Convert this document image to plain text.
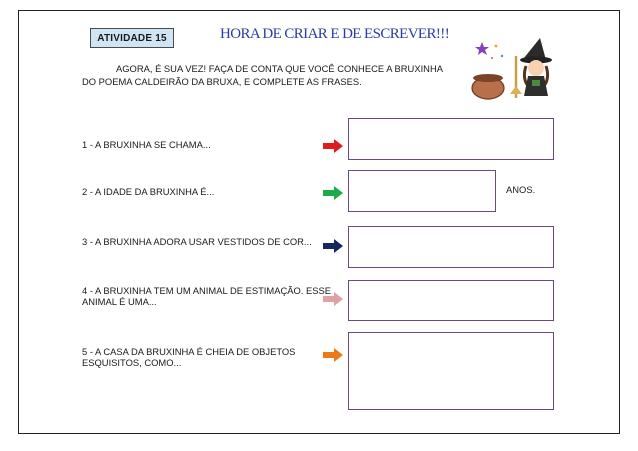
ATIVIDADE 15	HORA DE CRIAR E DE ESCREVER!!!
AGORA, É SUA VEZ! FAÇA DE CONTA QUE VOCÊ CONHECE A BRUXINHA
DO POEMA CALDEIRÃO DA BRUXA, E COMPLETE AS FRASES.
1 - A BRUXINHA SE CHAMA...
2 - A IDADE DA BRUXINHA É...	ANOS.
3 - A BRUXINHA ADORA USAR VESTIDOS DE COR...
4 - A BRUXINHA TEM UM ANIMAL DE ESTIMAÇÃO. ESSE ANIMAL É UMA...
5 - A CASA DA BRUXINHA É CHEIA DE OBJETOS ESQUISITOS, COMO...
